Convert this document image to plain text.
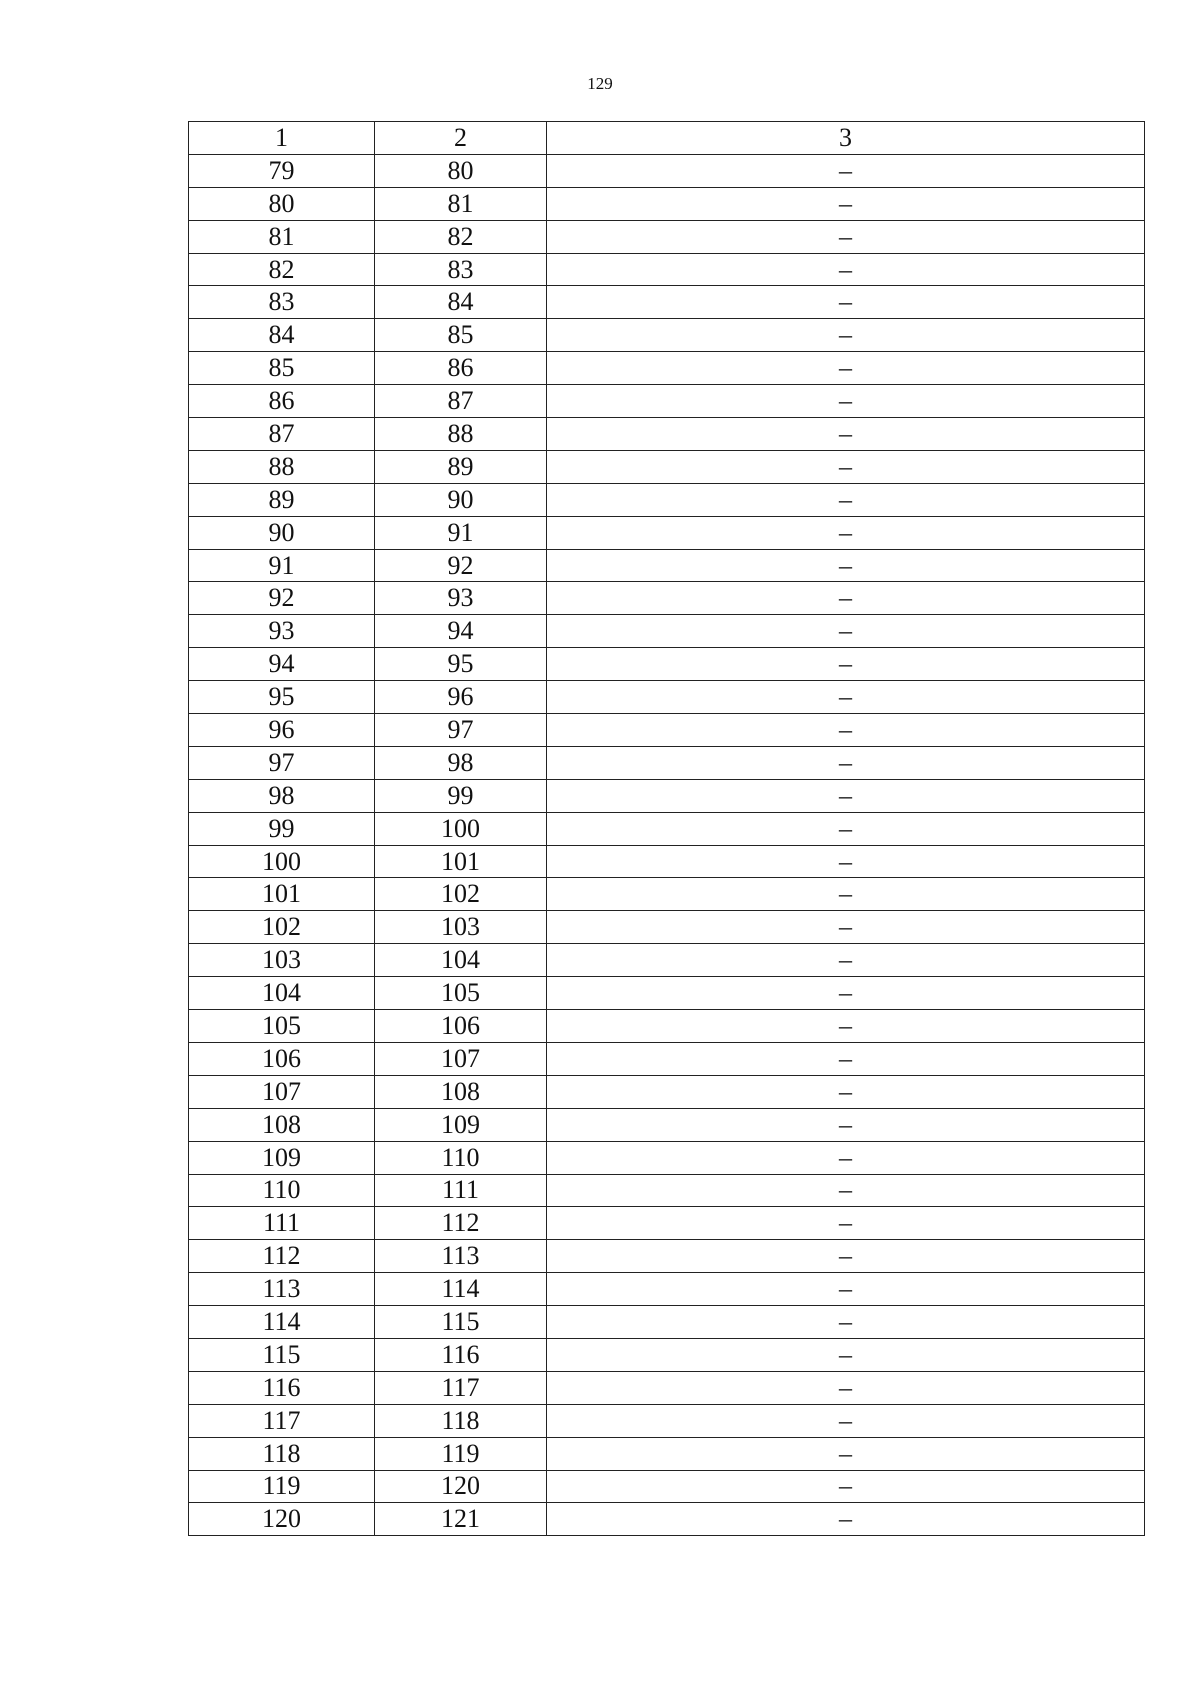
129
1	2	3
79	80	–
80	81	–
81	82	–
82	83	–
83	84	–
84	85	–
85	86	–
86	87	–
87	88	–
88	89	–
89	90	–
90	91	–
91	92	–
92	93	–
93	94	–
94	95	–
95	96	–
96	97	–
97	98	–
98	99	–
99	100	–
100	101	–
101	102	–
102	103	–
103	104	–
104	105	–
105	106	–
106	107	–
107	108	–
108	109	–
109	110	–
110	111	–
111	112	–
112	113	–
113	114	–
114	115	–
115	116	–
116	117	–
117	118	–
118	119	–
119	120	–
120	121	–
